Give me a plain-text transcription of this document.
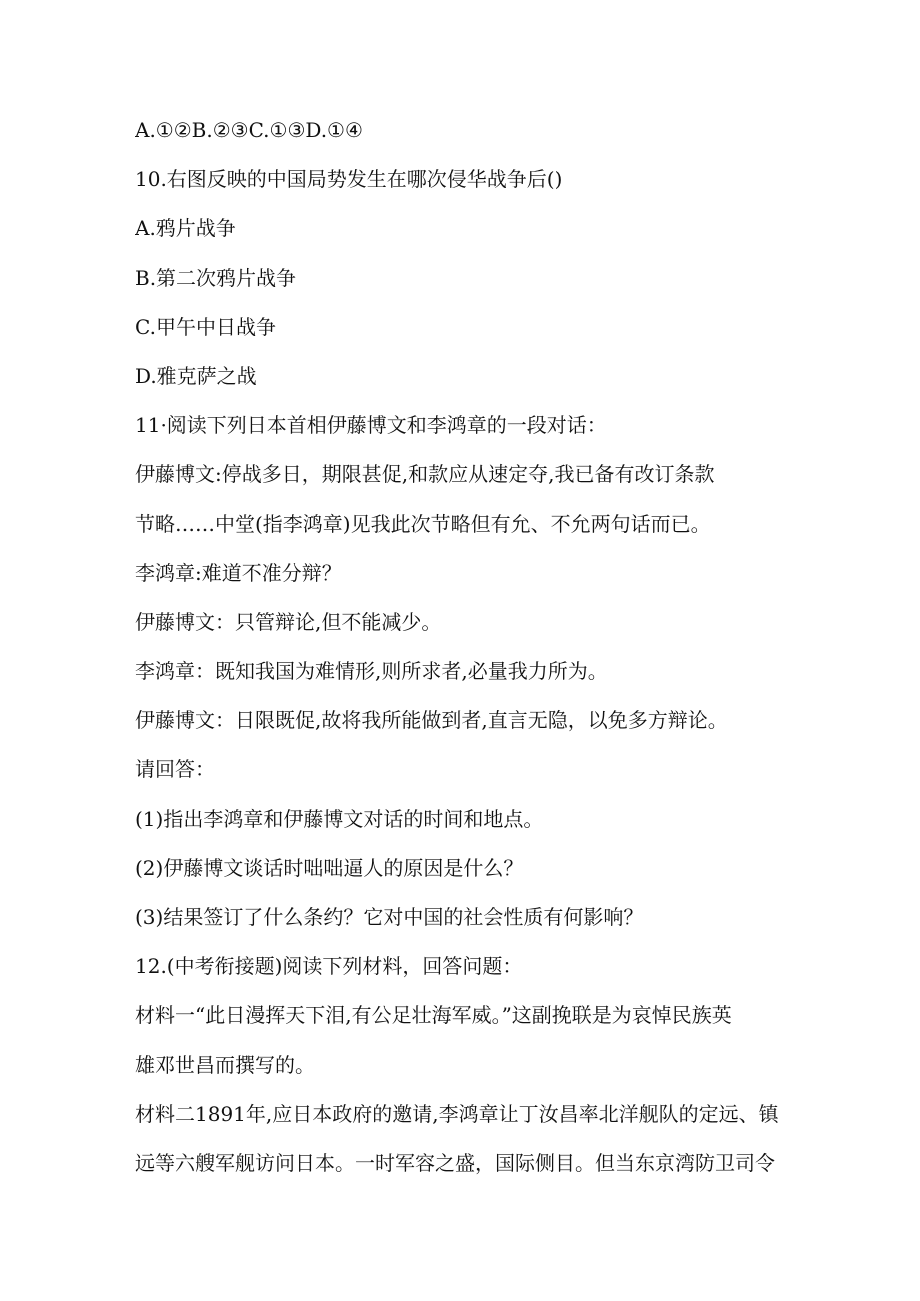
A.①②B.②③C.①③D.①④
10.右图反映的中国局势发生在哪次侵华战争后()
A.鸦片战争
B.第二次鸦片战争
C.甲午中日战争
D.雅克萨之战
11·阅读下列日本首相伊藤博文和李鸿章的一段对话：
伊藤博文:停战多日，期限甚促,和款应从速定夺,我已备有改订条款
节略……中堂(指李鸿章)见我此次节略但有允、不允两句话而已。
李鸿章:难道不准分辩？
伊藤博文：只管辩论,但不能减少。
李鸿章：既知我国为难情形,则所求者,必量我力所为。
伊藤博文：日限既促,故将我所能做到者,直言无隐，以免多方辩论。
请回答：
(1)指出李鸿章和伊藤博文对话的时间和地点。
(2)伊藤博文谈话时咄咄逼人的原因是什么？
(3)结果签订了什么条约？它对中国的社会性质有何影响？
12.(中考衔接题)阅读下列材料，回答问题：
材料一“此日漫挥天下泪,有公足壮海军威。”这副挽联是为哀悼民族英
雄邓世昌而撰写的。
材料二1891年,应日本政府的邀请,李鸿章让丁汝昌率北洋舰队的定远、镇
远等六艘军舰访问日本。一时军容之盛，国际侧目。但当东京湾防卫司令
